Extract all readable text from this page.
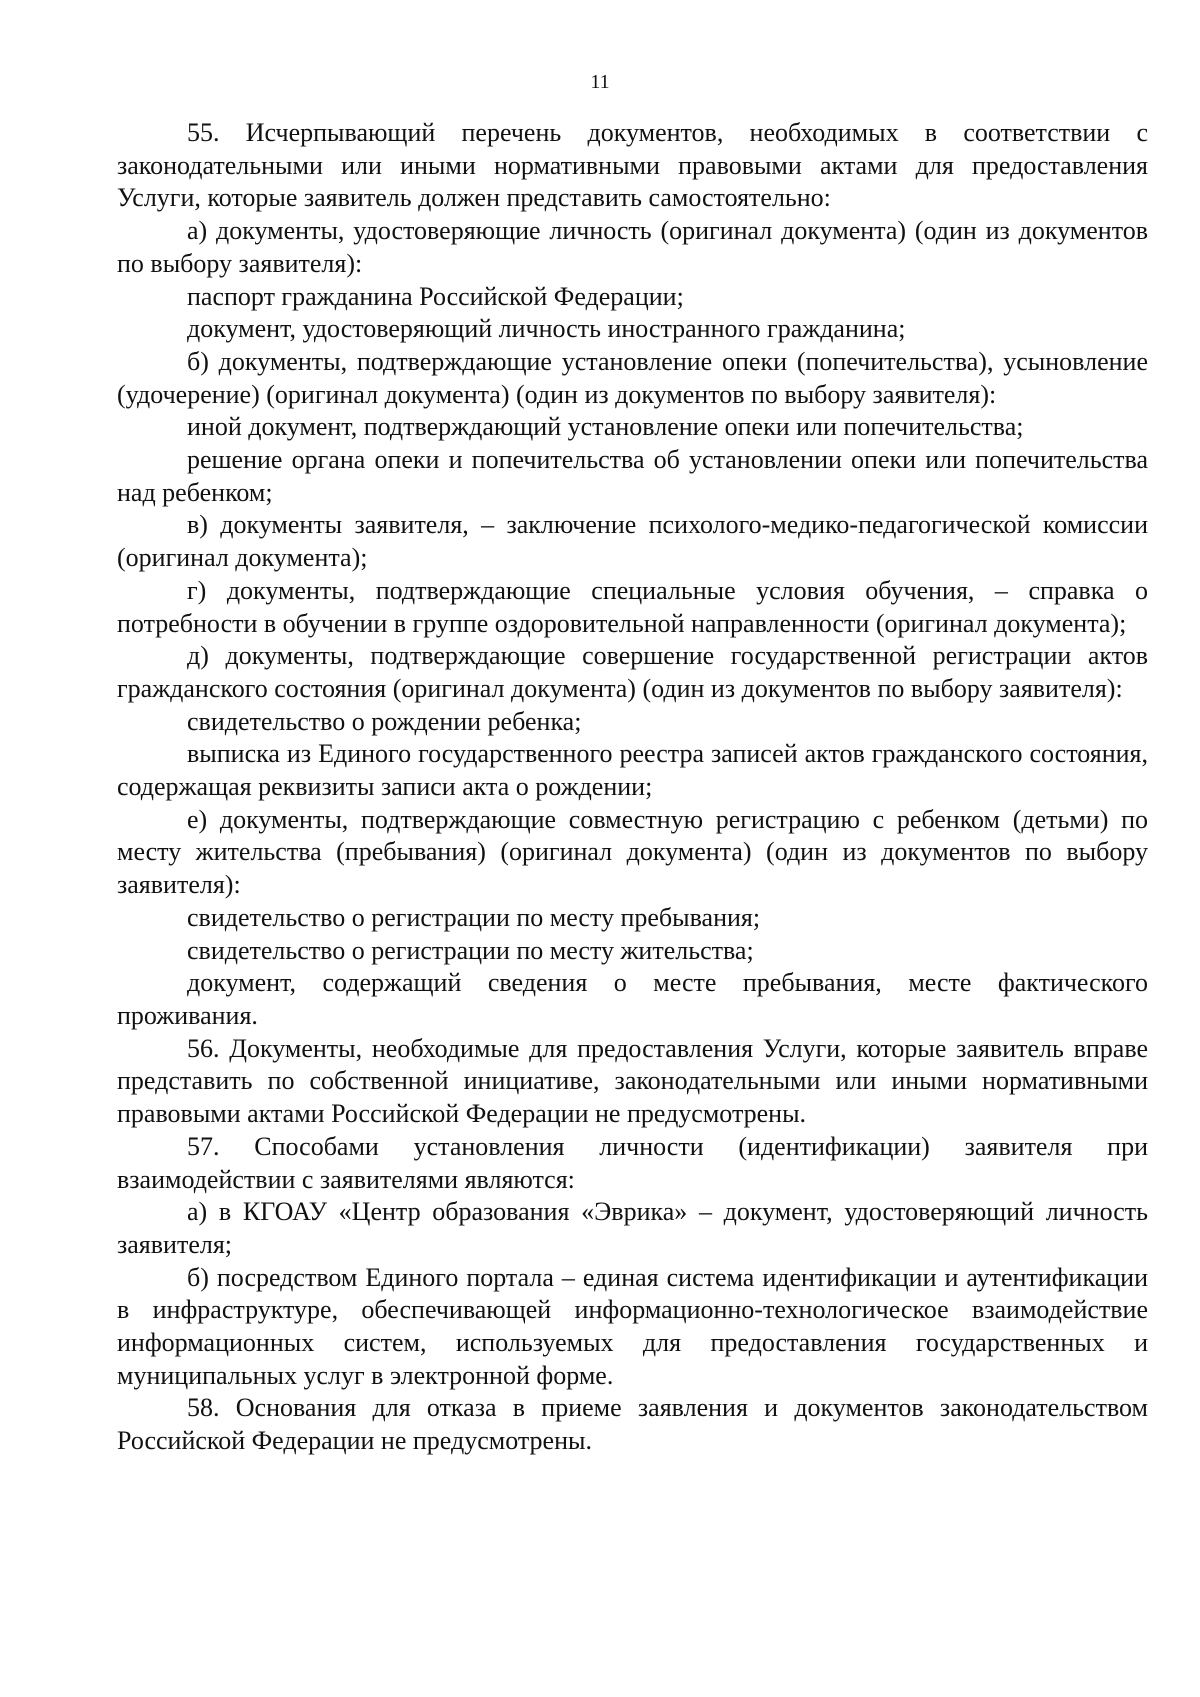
11

55. Исчерпывающий перечень документов, необходимых в соответствии с законодательными или иными нормативными правовыми актами для предоставления Услуги, которые заявитель должен представить самостоятельно:

а) документы, удостоверяющие личность (оригинал документа) (один из документов по выбору заявителя):

паспорт гражданина Российской Федерации;

документ, удостоверяющий личность иностранного гражданина;

б) документы, подтверждающие установление опеки (попечительства), усыновление (удочерение) (оригинал документа) (один из документов по выбору заявителя):

иной документ, подтверждающий установление опеки или попечительства;

решение органа опеки и попечительства об установлении опеки или попечительства над ребенком;

в) документы заявителя, – заключение психолого-медико-педагогической комиссии (оригинал документа);

г) документы, подтверждающие специальные условия обучения, – справка о потребности в обучении в группе оздоровительной направленности (оригинал документа);

д) документы, подтверждающие совершение государственной регистрации актов гражданского состояния (оригинал документа) (один из документов по выбору заявителя):

свидетельство о рождении ребенка;

выписка из Единого государственного реестра записей актов гражданского состояния, содержащая реквизиты записи акта о рождении;

е) документы, подтверждающие совместную регистрацию с ребенком (детьми) по месту жительства (пребывания) (оригинал документа) (один из документов по выбору заявителя):

свидетельство о регистрации по месту пребывания;

свидетельство о регистрации по месту жительства;

документ, содержащий сведения о месте пребывания, месте фактического проживания.

56. Документы, необходимые для предоставления Услуги, которые заявитель вправе представить по собственной инициативе, законодательными или иными нормативными правовыми актами Российской Федерации не предусмотрены.

57. Способами установления личности (идентификации) заявителя при взаимодействии с заявителями являются:

а) в КГОАУ «Центр образования «Эврика» – документ, удостоверяющий личность заявителя;

б) посредством Единого портала – единая система идентификации и аутентификации в инфраструктуре, обеспечивающей информационно-технологическое взаимодействие информационных систем, используемых для предоставления государственных и муниципальных услуг в электронной форме.

58. Основания для отказа в приеме заявления и документов законодательством Российской Федерации не предусмотрены.
